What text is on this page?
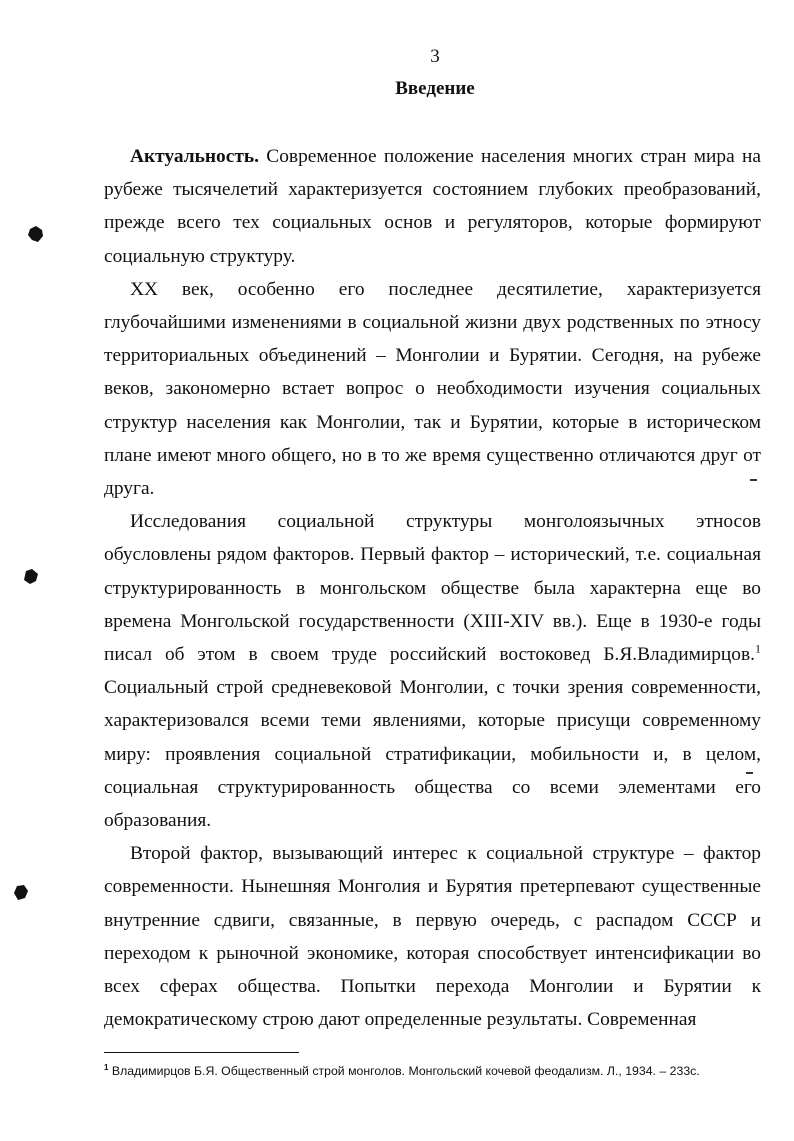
3
Введение

Актуальность. Современное положение населения многих стран мира на рубеже тысячелетий характеризуется состоянием глубоких преобразований, прежде всего тех социальных основ и регуляторов, которые формируют социальную структуру.

XX век, особенно его последнее десятилетие, характеризуется глубочайшими изменениями в социальной жизни двух родственных по этносу территориальных объединений – Монголии и Бурятии. Сегодня, на рубеже веков, закономерно встает вопрос о необходимости изучения социальных структур населения как Монголии, так и Бурятии, которые в историческом плане имеют много общего, но в то же время существенно отличаются друг от друга.

Исследования социальной структуры монголоязычных этносов обусловлены рядом факторов. Первый фактор – исторический, т.е. социальная структурированность в монгольском обществе была характерна еще во времена Монгольской государственности (XIII-XIV вв.). Еще в 1930-е годы писал об этом в своем труде российский востоковед Б.Я.Владимирцов.$^1$ Социальный строй средневековой Монголии, с точки зрения современности, характеризовался всеми теми явлениями, которые присущи современному миру: проявления социальной стратификации, мобильности и, в целом, социальная структурированность общества со всеми элементами его образования.

Второй фактор, вызывающий интерес к социальной структуре – фактор современности. Нынешняя Монголия и Бурятия претерпевают существенные внутренние сдвиги, связанные, в первую очередь, с распадом СССР и переходом к рыночной экономике, которая способствует интенсификации во всех сферах общества. Попытки перехода Монголии и Бурятии к демократическому строю дают определенные результаты. Современная

$^1$ Владимирцов Б.Я. Общественный строй монголов. Монгольский кочевой феодализм. Л., 1934. – 233с.
